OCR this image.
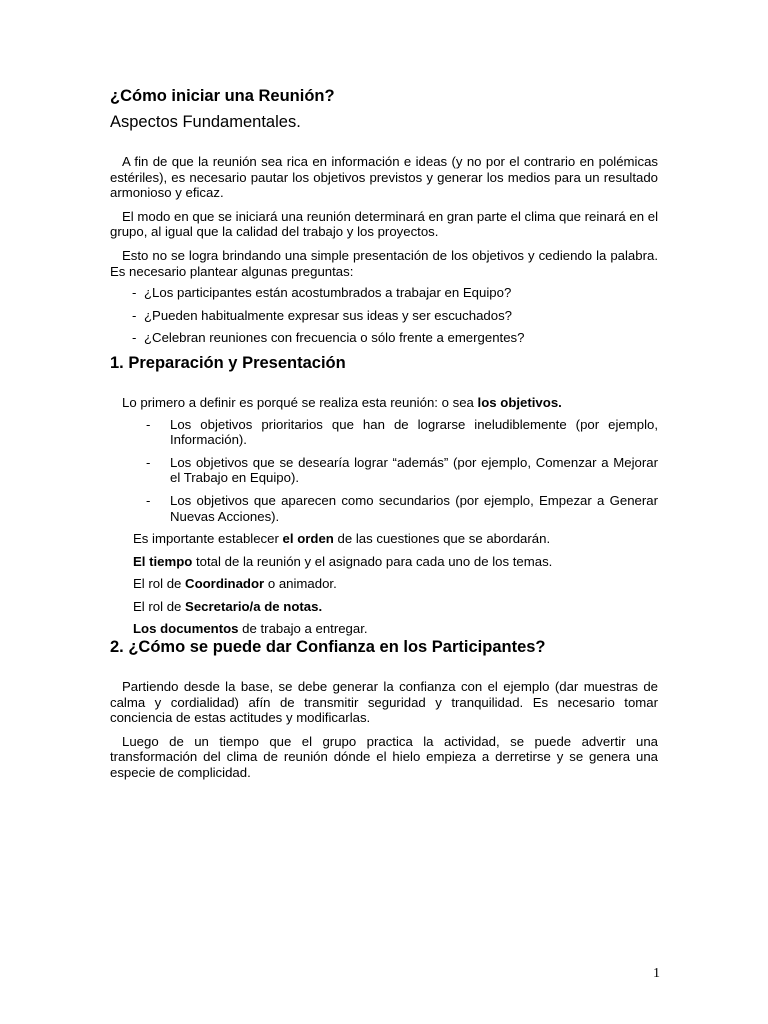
¿Cómo iniciar una Reunión?

Aspectos Fundamentales.

A fin de que la reunión sea rica en información e ideas (y no por el contrario en polémicas estériles), es necesario pautar los objetivos previstos y generar los medios para un resultado armonioso y eficaz.

El modo en que se iniciará una reunión determinará en gran parte el clima que reinará en el grupo, al igual que la calidad del trabajo y los proyectos.

Esto no se logra brindando una simple presentación de los objetivos y cediendo la palabra. Es necesario plantear algunas preguntas:

- ¿Los participantes están acostumbrados a trabajar en Equipo?
- ¿Pueden habitualmente expresar sus ideas y ser escuchados?
- ¿Celebran reuniones con frecuencia o sólo frente a emergentes?
1. Preparación y Presentación

Lo primero a definir es porqué se realiza esta reunión: o sea los objetivos.

- Los objetivos prioritarios que han de lograrse ineludiblemente (por ejemplo, Información).
- Los objetivos que se desearía lograr “además” (por ejemplo, Comenzar a Mejorar el Trabajo en Equipo).
- Los objetivos que aparecen como secundarios (por ejemplo, Empezar a Generar Nuevas Acciones).

Es importante establecer el orden de las cuestiones que se abordarán.

El tiempo total de la reunión y el asignado para cada uno de los temas.

El rol de Coordinador o animador.

El rol de Secretario/a de notas.

Los documentos de trabajo a entregar.

2. ¿Cómo se puede dar Confianza en los Participantes?

Partiendo desde la base, se debe generar la confianza con el ejemplo (dar muestras de calma y cordialidad) afín de transmitir seguridad y tranquilidad. Es necesario tomar conciencia de estas actitudes y modificarlas.

Luego de un tiempo que el grupo practica la actividad, se puede advertir una transformación del clima de reunión dónde el hielo empieza a derretirse y se genera una especie de complicidad.

1
